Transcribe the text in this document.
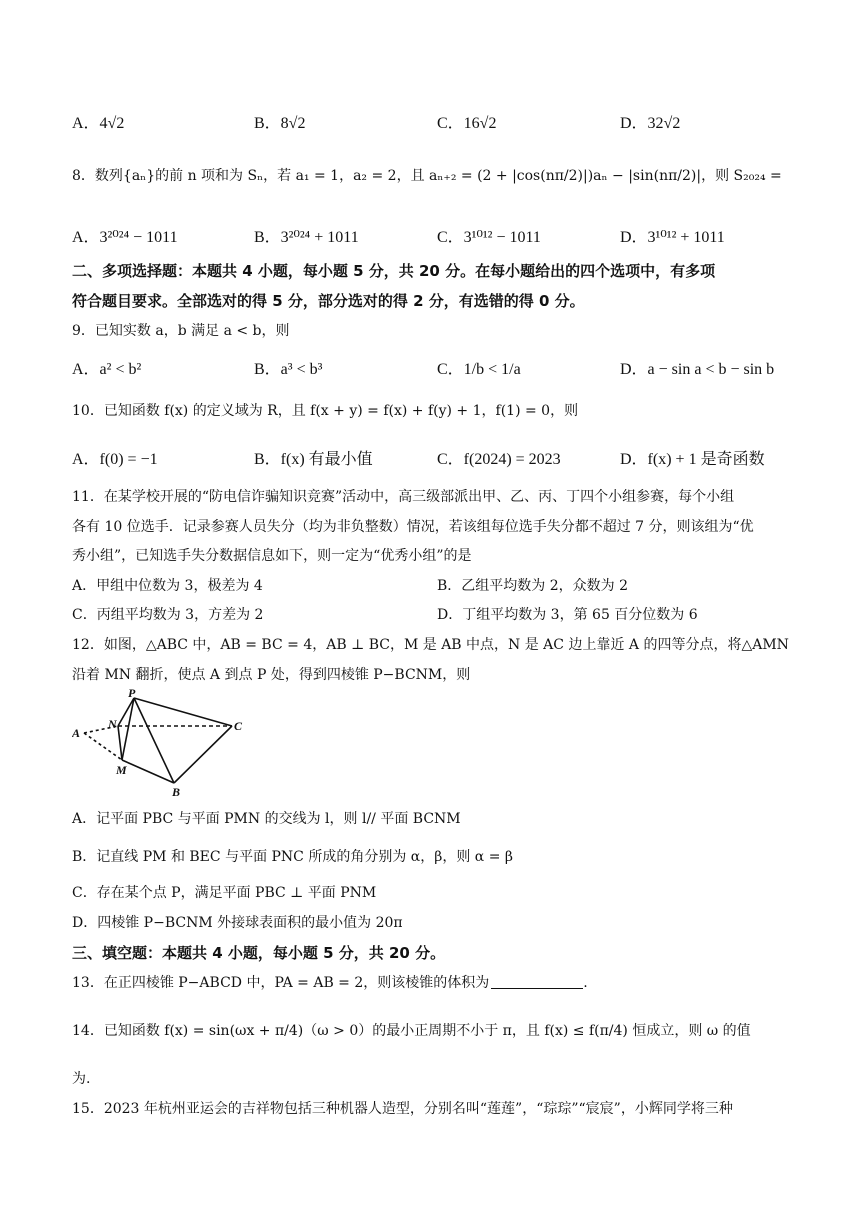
A．4√2	B．8√2	C．16√2	D．32√2
8．数列{aₙ}的前 n 项和为 Sₙ，若 a₁ = 1，a₂ = 2，且 aₙ₊₂ = (2 + |cos(nπ/2)|)aₙ − |sin(nπ/2)|，则 S₂₀₂₄ =
A．3²⁰²⁴ − 1011	B．3²⁰²⁴ + 1011	C．3¹⁰¹² − 1011	D．3¹⁰¹² + 1011
二、多项选择题：本题共 4 小题，每小题 5 分，共 20 分。在每小题给出的四个选项中，有多项
符合题目要求。全部选对的得 5 分，部分选对的得 2 分，有选错的得 0 分。
9．已知实数 a，b 满足 a < b，则
A．a² < b²	B．a³ < b³	C．1/b < 1/a	D．a − sin a < b − sin b
10．已知函数 f(x) 的定义域为 R，且 f(x + y) = f(x) + f(y) + 1，f(1) = 0，则
A．f(0) = −1	B．f(x) 有最小值	C．f(2024) = 2023	D．f(x) + 1 是奇函数
11．在某学校开展的“防电信诈骗知识竞赛”活动中，高三级部派出甲、乙、丙、丁四个小组参赛，每个小组
各有 10 位选手．记录参赛人员失分（均为非负整数）情况，若该组每位选手失分都不超过 7 分，则该组为“优
秀小组”，已知选手失分数据信息如下，则一定为“优秀小组”的是
A．甲组中位数为 3，极差为 4	B．乙组平均数为 2，众数为 2
C．丙组平均数为 3，方差为 2	D．丁组平均数为 3，第 65 百分位数为 6
12．如图，△ABC 中，AB = BC = 4，AB ⊥ BC，M 是 AB 中点，N 是 AC 边上靠近 A 的四等分点，将△AMN
沿着 MN 翻折，使点 A 到点 P 处，得到四棱锥 P−BCNM，则
P
N
A
M
B
C
A．记平面 PBC 与平面 PMN 的交线为 l，则 l// 平面 BCNM
B．记直线 PM 和 BEC 与平面 PNC 所成的角分别为 α，β，则 α = β
C．存在某个点 P，满足平面 PBC ⊥ 平面 PNM
D．四棱锥 P−BCNM 外接球表面积的最小值为 20π
三、填空题：本题共 4 小题，每小题 5 分，共 20 分。
13．在正四棱锥 P−ABCD 中，PA = AB = 2，则该棱锥的体积为	.
14．已知函数 f(x) = sin(ωx + π/4)（ω > 0）的最小正周期不小于 π，且 f(x) ≤ f(π/4) 恒成立，则 ω 的值
为.
15．2023 年杭州亚运会的吉祥物包括三种机器人造型，分别名叫“莲莲”，“琮琮”“宸宸”，小辉同学将三种
